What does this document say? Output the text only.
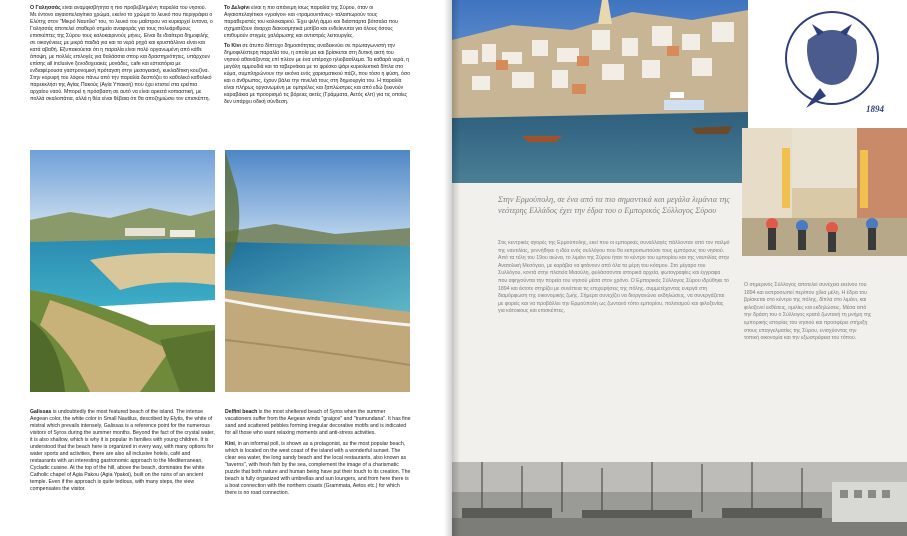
Ο Γαλησσάς είναι αναμφισβήτητα η πιο προβεβλημένη παραλία του νησιού. Με έντονο αιγαιοπελαγίτικο χρώμα, εκείνο το χρώμα το λευκό που περιγράφει ο Ελύτης στον "Μικρό Ναυτίλο" του, το λευκό του μαΐστρου να κυριαρχεί έντονα, ο Γαλησσάς αποτελεί σταθερό σημείο αναφοράς για τους πολυάριθμους επισκέπτες της Σύρου τους καλοκαιρινούς μήνες. Είναι δε ιδιαίτερα δημοφιλής σε οικογένειες με μικρά παιδιά για και τα νερά ρηχά και κρυστάλλινα είναι και κατά αβαθή. Εξυπακούεται ότι η παραλία είναι πολύ οργανωμένη από κάθε άποψη, με πολλές επιλογές για θαλάσσια σπορ και δραστηριότητες, υπάρχουν επίσης all inclusive ξενοδοχειακές μονάδες, cafe και εστιατόρια με ενδιαφέρουσα γαστρονομική πρόταγση στην μεσογειακή, κυκλαδίτικη κουζίνα. Στην κορυφή του λόφου πάνω από την παραλία δεσπόζει το καθολικό καθολικό παρεκκλήσι της Αγίας Πακούς (Αγία Υπακοή) που έχει κτιστεί στα ερείπια αρχαίου ναού. Μπορεί η πρόσβαση σε αυτό να είναι αρκετά κοπιαστική, με πολλά σκαλοπάτια, αλλά η θέα είναι θέβαια ότι θα αποζημιώσει τον επισκέπτη.
Το Δελφίνι είναι η πιο απάνεμη ίσως παραλία της Σύρου, όταν οι Αιγαιοπελαγίτικοι «γραίγοι» και «τραμουντάνες» ταλαιπωρούν τους παραθεριστές του καλοκαιριού. Έχει ψιλή άμμο και διάσπαρτα βότσαλα που σχηματίζουν άναρχα διακοσμητικά μοτίβα και ενδείκνυται για όλους όσους επιθυμούν στιγμές χαλάρωσης και αντιστρές λειτουργίες.
Το Κίνι σε άτυπο δίπτυχο δημοσιότητας αναδεικνύει σε πρωταγωνιστή την δημοφιλέστερη παραλία του, η οποία μα και βρίσκεται στη δυτική ακτή του νησιού αθανάζοντας επί πλέον με ένα υπέροχο ηλιοβασίλεμα. Τα καθαρά νερά, η μεγάλη αμμουδιά και τα ταβερνάκια με το φρέσκο ψάρι κυριολεκτικά δίπλα στο κύμα, συμπληρώνουν την εικόνα ενός χαρισματικού πάζλ, που τόσο η φύση, όσο και ο άνθρωπος, έχουν βάλει την πινελιά τους στη δημιουργία του. Η παραλία είναι πλήρως οργανωμένη με ομπρέλες και ξαπλώστρες και από εδώ ξεκινούν καραβάκια με προορισμό τις βόρειες ακτές (Γράμματα, Αετός κλπ) για τις οποίες δεν υπάρχει οδική σύνδεση.
Galissas is undoubtedly the most featured beach of the island. The intense Aegean color, the white color in Small Nautilus, described by Elytis, the white of mistral which prevails intensely, Galissas is a reference point for the numerous visitors of Syros during the summer months. Beyond the fact of the crystal water, it is also shallow, which is why it is popular in families with young children. It is understood that the beach here is organized in every way, with many options for water sports and activities, there are also all inclusive hotels, café and restaurants with an interesting gastronomic approach to the Mediterranean, Cycladic cuisine. At the top of the hill, above the beach, dominates the white Catholic chapel of Agia Pakou (Agia Ypakoi), built on the ruins of an ancient temple. Even if the approach is quite tedious, with many steps, the view compensates the visitor.
Delfini beach is the most sheltered beach of Syros when the summer vacationers suffer from the Aegean winds "graigos" and "tramundana". It has fine sand and scattered pebbles forming irregular decorative motifs and is indicated for all those who want relaxing moments and anti-stress activities.
Kini, in an informal poll, is shown as a protagonist, as the most popular beach, which is located on the west coast of the island with a wonderful sunset. The clear sea water, the long sandy beach and the local restaurants, also known as "taverns", with fresh fish by the sea, complement the image of a charismatic puzzle that both nature and human being have put their touch to its creation. The beach is fully organized with umbrellas and sun loungers, and from here there is a boat connection with the northern coasts (Grammata, Aetos etc.) for which there is no road connection.
1894
Στην Ερμούπολη, σε ένα από τα πιο σημαντικά και μεγάλα λιμάνια της νεότερης Ελλάδος έχει την έδρα του ο Εμπορικός Σύλλογος Σύρου
Στις κεντρικές αγορές της Ερμούπολης, εκεί που οι εμπορικές συναλλαγές πάλλονταν από τον παλμό της ναυτιλίας, γεννήθηκε η ιδέα ενός συλλόγου που θα εκπροσωπούσε τους εμπόρους του νησιού. Από τα τέλη του 19ου αιώνα, το λιμάνι της Σύρου ήταν το κέντρο του εμπορίου και της ναυτιλίας στην Ανατολική Μεσόγειο, με καράβια να φτάνουν από όλα τα μέρη του κόσμου. Στο μέγαρο του Συλλόγου, κοντά στην πλατεία Μιαούλη, φυλάσσονται ιστορικά αρχεία, φωτογραφίες και έγγραφα που αφηγούνται την πορεία του νησιού μέσα στον χρόνο. Ο Εμπορικός Σύλλογος Σύρου ιδρύθηκε το 1894 και έκτοτε στηρίζει με συνέπεια τις επιχειρήσεις της πόλης, συμμετέχοντας ενεργά στη διαμόρφωση της οικονομικής ζωής. Σήμερα συνεχίζει να διοργανώνει εκδηλώσεις, να συνεργάζεται με φορείς και να προβάλλει την Ερμούπολη ως ζωντανό τόπο εμπορίου, πολιτισμού και φιλοξενίας για κάτοικους και επισκέπτες.
Ο σημερινός Σύλλογος αποτελεί συνέχεια εκείνου του 1894 και εκπροσωπεί περίπου χίλια μέλη. Η έδρα του βρίσκεται στο κέντρο της πόλης, δίπλα στο λιμάνι, και φιλοξενεί εκθέσεις, ομιλίες και εκδηλώσεις. Μέσα από την δράση του ο Σύλλογος κρατά ζωντανή τη μνήμη της εμπορικής ιστορίας του νησιού και προσφέρει στήριξη στους επαγγελματίες της Σύρου, ενισχύοντας την τοπική οικονομία και την εξωστρέφεια του τόπου.
